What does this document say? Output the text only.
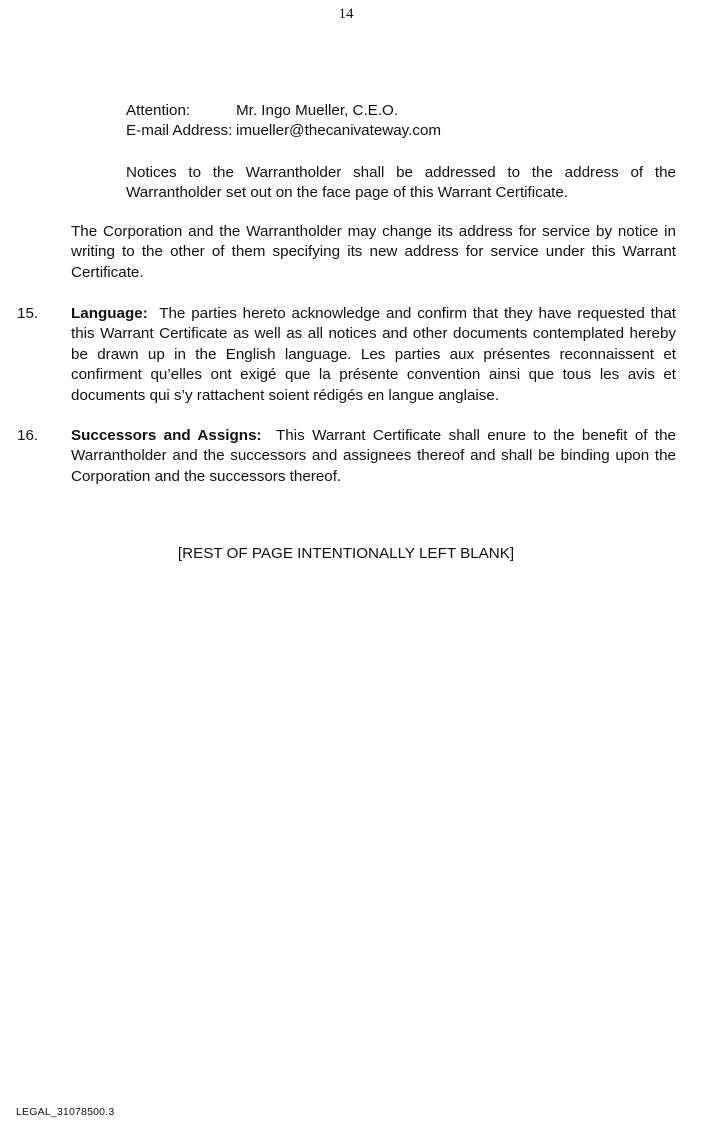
14
Attention:	Mr. Ingo Mueller, C.E.O.
E-mail Address: imueller@thecanivateway.com
Notices to the Warrantholder shall be addressed to the address of the Warrantholder set out on the face page of this Warrant Certificate.
The Corporation and the Warrantholder may change its address for service by notice in writing to the other of them specifying its new address for service under this Warrant Certificate.
15. Language: The parties hereto acknowledge and confirm that they have requested that this Warrant Certificate as well as all notices and other documents contemplated hereby be drawn up in the English language. Les parties aux présentes reconnaissent et confirment qu’elles ont exigé que la présente convention ainsi que tous les avis et documents qui s’y rattachent soient rédigés en langue anglaise.
16. Successors and Assigns: This Warrant Certificate shall enure to the benefit of the Warrantholder and the successors and assignees thereof and shall be binding upon the Corporation and the successors thereof.
[REST OF PAGE INTENTIONALLY LEFT BLANK]
LEGAL_31078500.3
